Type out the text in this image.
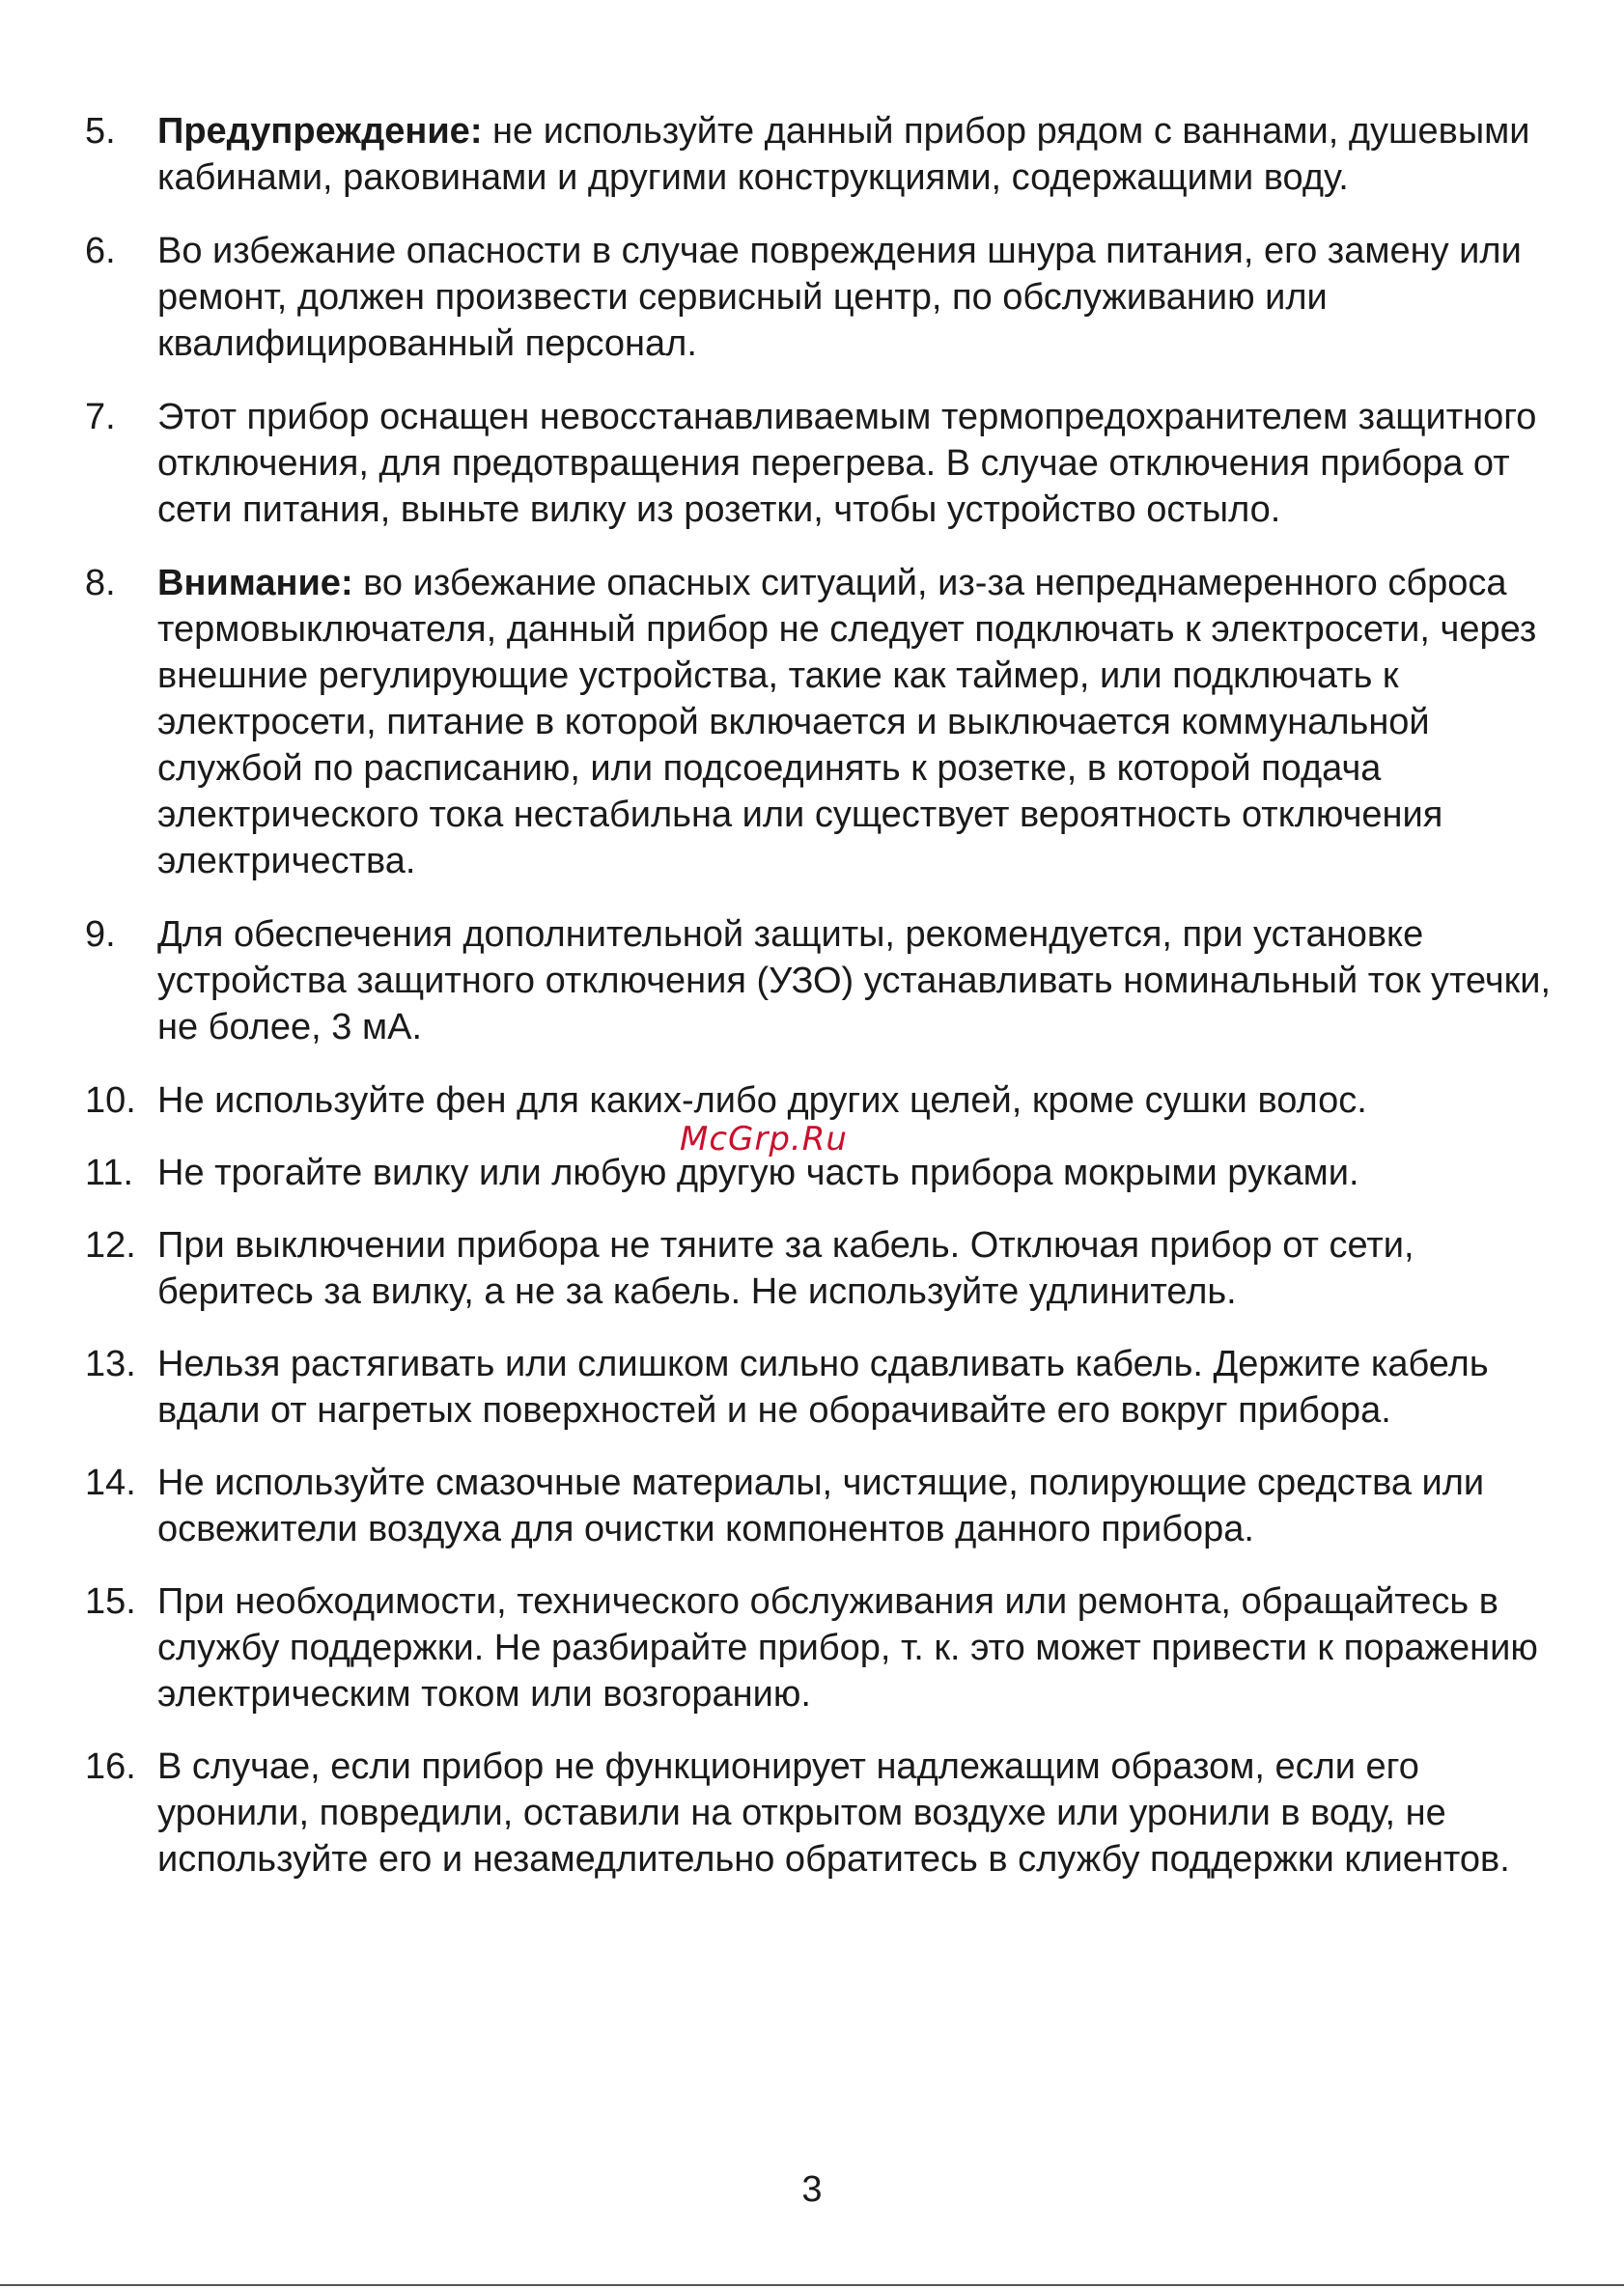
5.	Предупреждение: не используйте данный прибор рядом с ваннами, душевыми кабинами, раковинами и другими конструкциями, содержащими воду.
6.	Во избежание опасности в случае повреждения шнура питания, его замену или ремонт, должен произвести сервисный центр, по обслуживанию или квалифицированный персонал.
7.	Этот прибор оснащен невосстанавливаемым термопредохранителем защитного отключения, для предотвращения перегрева. В случае отключения прибора от сети питания, выньте вилку из розетки, чтобы устройство остыло.
8.	Внимание: во избежание опасных ситуаций, из-за непреднамеренного сброса термовыключателя, данный прибор не следует подключать к электросети, через внешние регулирующие устройства, такие как таймер, или подключать к электросети, питание в которой включается и выключается коммунальной службой по расписанию, или подсоединять к розетке, в которой подача электрического тока нестабильна или существует вероятность отключения электричества.
9.	Для обеспечения дополнительной защиты, рекомендуется, при установке устройства защитного отключения (УЗО) устанавливать номинальный ток утечки, не более, 3 мА.
10. Не используйте фен для каких-либо других целей, кроме сушки волос.
11. Не трогайте вилку или любую другую часть прибора мокрыми руками.
12. При выключении прибора не тяните за кабель. Отключая прибор от сети, беритесь за вилку, а не за кабель. Не используйте удлинитель.
13. Нельзя растягивать или слишком сильно сдавливать кабель. Держите кабель вдали от нагретых поверхностей и не оборачивайте его вокруг прибора.
14. Не используйте смазочные материалы, чистящие, полирующие средства или освежители воздуха для очистки компонентов данного прибора.
15. При необходимости, технического обслуживания или ремонта, обращайтесь в службу поддержки. Не разбирайте прибор, т. к. это может привести к поражению электрическим током или возгоранию.
16. В случае, если прибор не функционирует надлежащим образом, если его уронили, повредили, оставили на открытом воздухе или уронили в воду, не используйте его и незамедлительно обратитесь в службу поддержки клиентов.
McGrp.Ru
3
